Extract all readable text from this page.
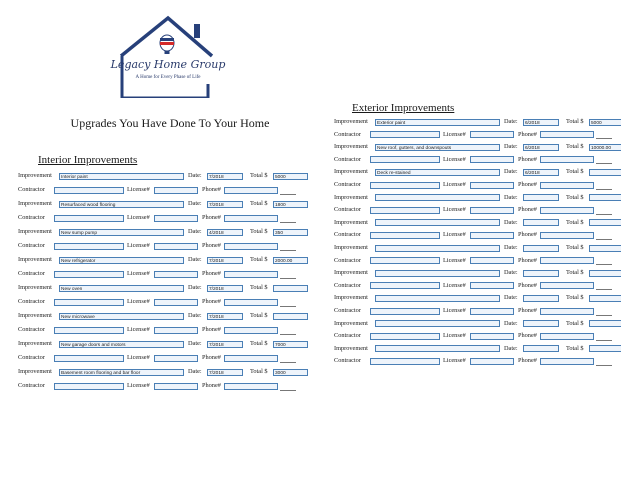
Legacy Home Group
A Home for Every Phase of Life
Upgrades You Have Done To Your Home
Interior Improvements
Exterior Improvements
Improvement	Interior paint	Date:	7/2018	Total $	5000
Contractor	License#	Phone#
Improvement	Resurfaced wood flooring	Date:	7/2018	Total $	1800
Contractor	License#	Phone#
Improvement	New sump pump	Date:	4/2018	Total $	350
Contractor	License#	Phone#
Improvement	New refrigerator	Date:	7/2018	Total $	2000.00
Contractor	License#	Phone#
Improvement	New oven	Date:	7/2018	Total $
Contractor	License#	Phone#
Improvement	New microwave	Date:	7/2018	Total $
Contractor	License#	Phone#
Improvement	New garage doors and motors	Date:	7/2018	Total $	7000
Contractor	License#	Phone#
Improvement	Basement room flooring and bar floor	Date:	7/2018	Total $	3000
Contractor	License#	Phone#
Improvement	Exterior paint	Date:	6/2018	Total $	5000
Contractor	License#	Phone#
Improvement	New roof, gutters, and downspouts	Date:	6/2018	Total $	10000.00
Contractor	License#	Phone#
Improvement	Deck re-stained	Date:	6/2018	Total $
Contractor	License#	Phone#
Improvement	Date:	Total $
Contractor	License#	Phone#
Improvement	Date:	Total $
Contractor	License#	Phone#
Improvement	Date:	Total $
Contractor	License#	Phone#
Improvement	Date:	Total $
Contractor	License#	Phone#
Improvement	Date:	Total $
Contractor	License#	Phone#
Improvement	Date:	Total $
Contractor	License#	Phone#
Improvement	Date:	Total $
Contractor	License#	Phone#
